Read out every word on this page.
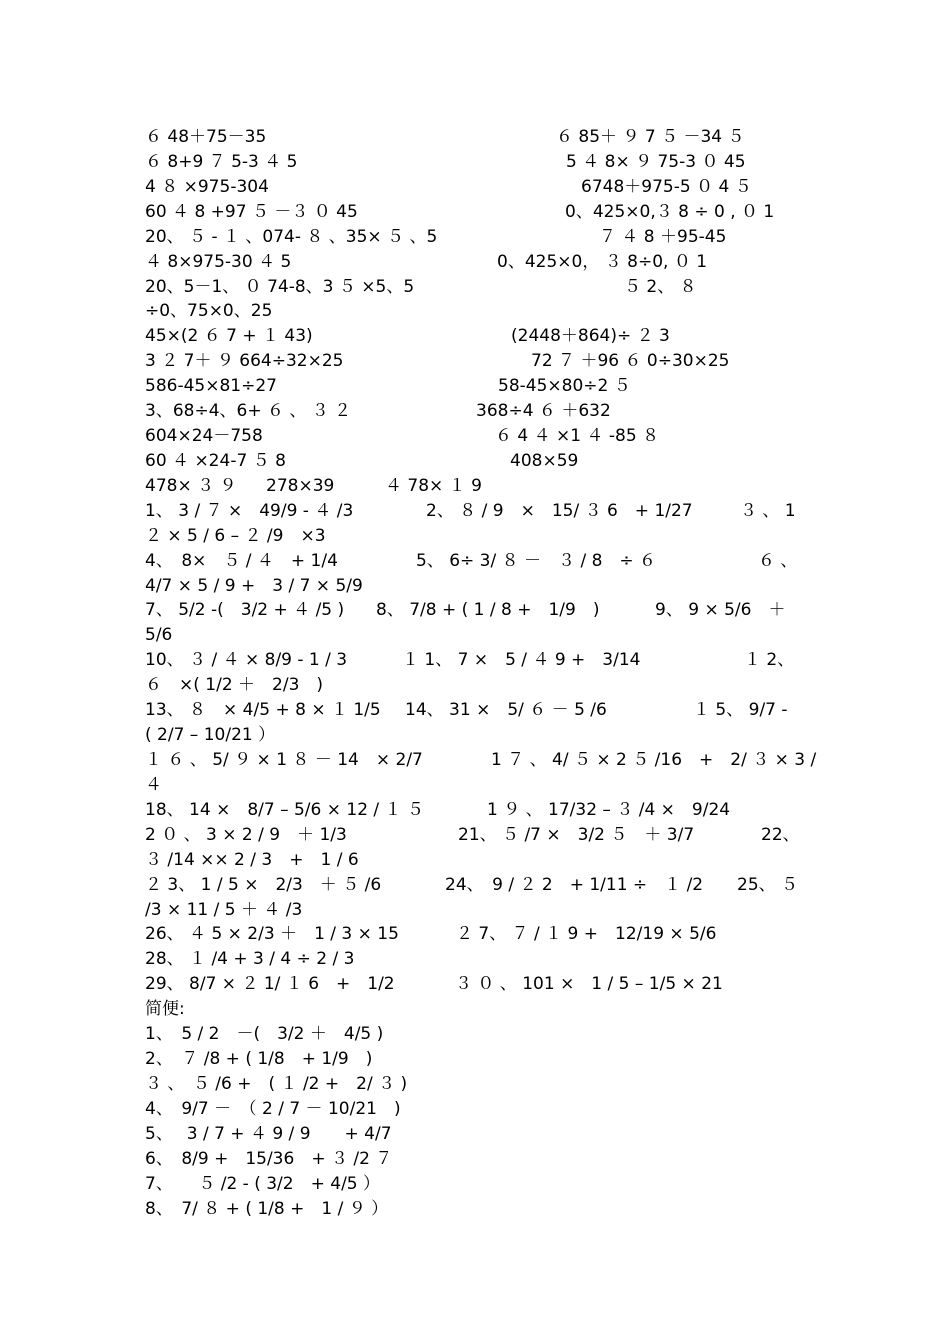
６ 48＋75－35	６ 85＋ ９ 7 ５ －34 ５
６ 8+9 ７ 5-3 ４ 5	5 ４ 8× ９ 75-3 ０ 45
4 ８ ×975-304	6748＋975-5 ０ 4 ５
60 ４ 8 +97 ５ －３ ０ 45	0、425×0,３ 8 ÷ 0 , ０ 1
20、 ５ - １ 、074- ８ 、35× ５ 、5	７ ４ 8 ＋95-45
４ 8×975-30 ４ 5	0、425×0， ３ 8÷0, ０ 1
20、5－1、 ０ 74-8、3 ５ ×5、5	５ 2、 ８
÷0、75×0、25
45×(2 ６ 7 + １ 43)	(2448＋864)÷ ２ 3
3 ２ 7＋ ９ 664÷32×25	72 ７ ＋96 ６ 0÷30×25
586-45×81÷27	58-45×80÷2 ５
3、68÷4、6+ ６ 、 ３ ２	368÷4 ６ ＋632
604×24－758	６ 4 ４ ×1 ４ -85 ８
60 ４ ×24-7 ５ 8	408×59
478× ３ ９ 278×39	４ 78× １ 9
1、 3 / ７ ×　49/9 - ４ /3	2、 ８ / 9　×　15/ ３ 6　+ 1/27	３ 、 1
２ × 5 / 6 – ２ /9　×3
4、　8×　５ / ４　+ 1/4	5、 6÷ 3/ ８ －　３ / 8　÷ ６	６ 、
4/7 × 5 / 9 +　3 / 7 × 5/9
7、 5/2 -(　3/2 + ４ /5 ) 8、 7/8 + ( 1 / 8 +　1/9　)	9、 9 × 5/6　＋
5/6
10、 ３ / ４ × 8/9 - 1 / 3	１ 1、 7 ×　5 / ４ 9 +　3/14	１ 2、
６　×( 1/2 ＋　2/3　)
13、 ８　× 4/5 + 8 × １ 1/5 14、 31 ×　5/ ６ － 5 /6	１ 5、 9/7 -
( 2/7 – 10/21 ）
１ ６ 、 5/ ９ × 1 ８ － 14　× 2/7	1 ７ 、 4/ ５ × 2 ５ /16　+　2/ ３ × 3 /
４
18、 14 ×　8/7 – 5/6 × 12 / １ ５	1 ９ 、 17/32 – ３ /4 ×　9/24
2 ０ 、 3 × 2 / 9　＋ 1/3	21、 ５ /7 ×　3/2 ５　＋ 3/7	22、
３ /14 ×× 2 / 3　+　1 / 6
２ 3、 1 / 5 ×　2/3　＋ ５ /6	24、　9 / ２ 2　+ 1/11 ÷　１ /2 25、 ５
/3 × 11 / 5 ＋ ４ /3
26、 ４ 5 × 2/3 ＋　1 / 3 × 15	２ 7、 ７ / １ 9 +　12/19 × 5/6
28、 １ /4 + 3 / 4 ÷ 2 / 3
29、 8/7 × ２ 1/ １ 6　+　1/2	３ ０ 、 101 ×　1 / 5 – 1/5 × 21
简便:
1、　5 / 2　－(　3/2 ＋　4/5 )
2、　７ /8 + ( 1/8　+ 1/9　)
３ 、　５ /6 +　( １ /2 +　2/ ３ )
4、　9/7 －　（ 2 / 7 － 10/21　)
5、　 3 / 7 + ４ 9 / 9　　+ 4/7
6、　8/9 +　15/36　+ ３ /2 ７
7、　　５ /2 - ( 3/2　+ 4/5 ）
8、　7/ ８ + ( 1/8 +　1 / ９ ）
